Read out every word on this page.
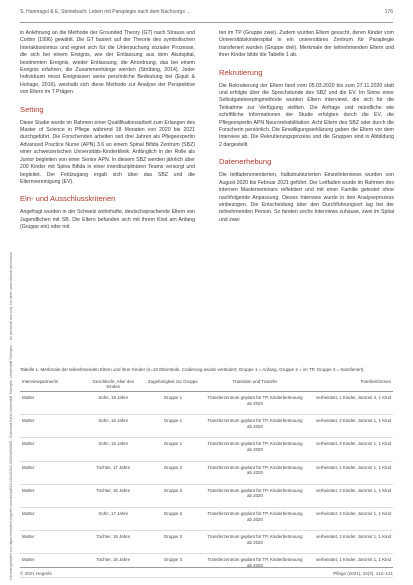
Heruntergeladen von https://econtent.hogrefe.com/doi/pdf/10.1024/1012-5302/a000805 - Eberhard Karls Universität Tübingen, Universität Tübingen ... for personal use only. No other uses without permission.
S. Hanmagel & E. Steinebach: Leben mit Paraplegie nach dem Nachsorge ...	176

in Anlehnung an die Methode der Grounded Theory (GT) nach Strauss und Corbin (1996) gewählt. Die GT basiert auf der Theorie des symbolischen Interaktionismus und eignet sich für die Untersuchung sozialer Prozesse, die sich bei einem Ereignis, wie der Entlassung aus dem Akutspital, bestimmten Ereignis, wieder Entlassung, die Anordnung, das bei einem Ereignis erfahren, die Zusammenhänge werden (Strübing, 2014). Jeder Individuum misst Ereignissen seine persönliche Bedeutung bei (Equit & Hohage, 2016), weshalb sich diese Methode zur Analyse der Perspektive von Eltern im T Prägen.

Setting

Diese Studie wurde im Rahmen einer Qualifikationsarbeit zum Erlangen des Master of Science in Pflege während 18 Monaten von 2020 bis 2021 durchgeführt. Die Forschenden arbeiten seit drei Jahren als Pflegeexpertin Advanced Practice Nurse (APN) 3.6 an einem Spinal Bifida Zentrum (SBZ) einer schweizerischen Universitäts-Kinderklinik. Anfänglich in der Rolle als Junior begleiten von einer Senior APN. In diesem SBZ werden jährlich über 200 Kinder mit Spina Bifida in einer interdisziplinären Teams versorgt und begleitet. Der Feldzugang ergab sich über das SBZ und die Elternvereinigung (EV).

Ein- und Ausschlusskriterien

Angefragt wurden in der Schweiz wohnhafte, deutschsprachende Eltern von Jugendlichen mit SB. Die Eltern befanden sich mit ihrem Kind am Anfang (Gruppe ein) oder mit

ten im TP (Gruppe zwei). Zudem wurden Eltern gesucht, deren Kinder vom Universitätskinderspital in ein universitäres Zentrum für Paraplegie transferiert wurden (Gruppe drei). Merkmale der teilnehmenden Eltern und ihrer Kinder bilde die Tabelle 1 ab.

Rekrutierung

Die Rekrutierung der Eltern fand vom 05.03.2020 bis zum 27.11.2020 statt und erfolgte über die Sprechstunde des SBZ und die EV. Im Sinne einer Selbstgatekeepingmethode wurden Eltern interviewt, die sich für die Teilnahme zur Verfügung stellten. Die Anfrage und mündliche wie schriftliche Informationen der Studie erfolgten durch die EV, die Pflegeexpertin APN Neurorehabilitation. Acht Eltern des SBZ oder durch die Forscherin persönlich. Die Einwilligungserklärung gaben die Eltern vor dem Interview ab. Die Rekrutierungsprozess und die Gruppen sind in Abbildung 2 dargestellt.

Datenerhebung

Die leitfadenorientierten, halbstrukturierten Einzelinterviews wurden von August 2020 bis Februar 2021 geführt. Der Leitfaden wurde im Rahmen des internen Masterseminars reflektiert und mit einer Familie getestet ohne nachfolgende Anpassung. Dieses Interview wurde in den Analyseprozess einbezogen. Die Entscheidung über den Durchführungsort lag bei der teilnehmenden Person. So fanden sechs Interviews zuhause, zwei im Spital und zwei

Tabelle 1. Merkmale der teilnehmenden Eltern und ihrer Kinder (n=10 Elternteile, Codierung wurde verändert; Gruppe 1 = Anfang, Gruppe 2 = im TP, Gruppe 3 = transferiert)
Interviewpartner/in	Geschlecht, Alter des Kindes	Zugehörigkeit zur Gruppe	Transition und Transfer	Familienformen
Mutter	Sohn, 15 Jahre	Gruppe 1	Transferzentrum geplant für TP, Kinderbetreuung ab 2020	verheiratet, 1 Kinder, Jaromir 4, 1 Kind
Mutter	Sohn, 16 Jahre	Gruppe 1	Transferzentrum geplant für TP, Kinderbetreuung ab 2020	verheiratet, 2 Kinder, Jaromir 1, 1 Kind
Mutter	Sohn, 15 Jahre	Gruppe 1	Transferzentrum geplant für TP, Kinderbetreuung ab 2020	verheiratet, 3 Kinder, Jaromir 1, 1 Kind
Mutter	Tochter, 17 Jahre	Gruppe 2	Transferzentrum geplant für TP, Kinderbetreuung ab 2020	verheiratet, 1 Kinder, Jaromir 1, 1 Kind
Mutter	Tochter, 15 Jahre	Gruppe 2	Transferzentrum geplant für TP, Kinderbetreuung ab 2020	verheiratet, 2 Kinder, Jaromir 1, 1 Kind
Mutter	Sohn, 17 Jahre	Gruppe 2	Transferzentrum geplant für TP, Kinderbetreuung ab 2020	verheiratet, 4 Kinder, Jaromir 1, 1 Kind
Mutter	Tochter, 19 Jahre	Gruppe 3	Transferzentrum geplant für TP, Kinderbetreuung ab 2020	verheiratet, 3 Kinder, Jaromir 1, 1 Kind
Mutter	Tochter, 16 Jahre	Gruppe 3	Transferzentrum geplant für TP, Kinderbetreuung ab 2020	verheiratet, 1 Kinder, Jaromir 1, 1 Kind
© 2021 Hogrefe	Pflege (2021), 34(3), 113–121
